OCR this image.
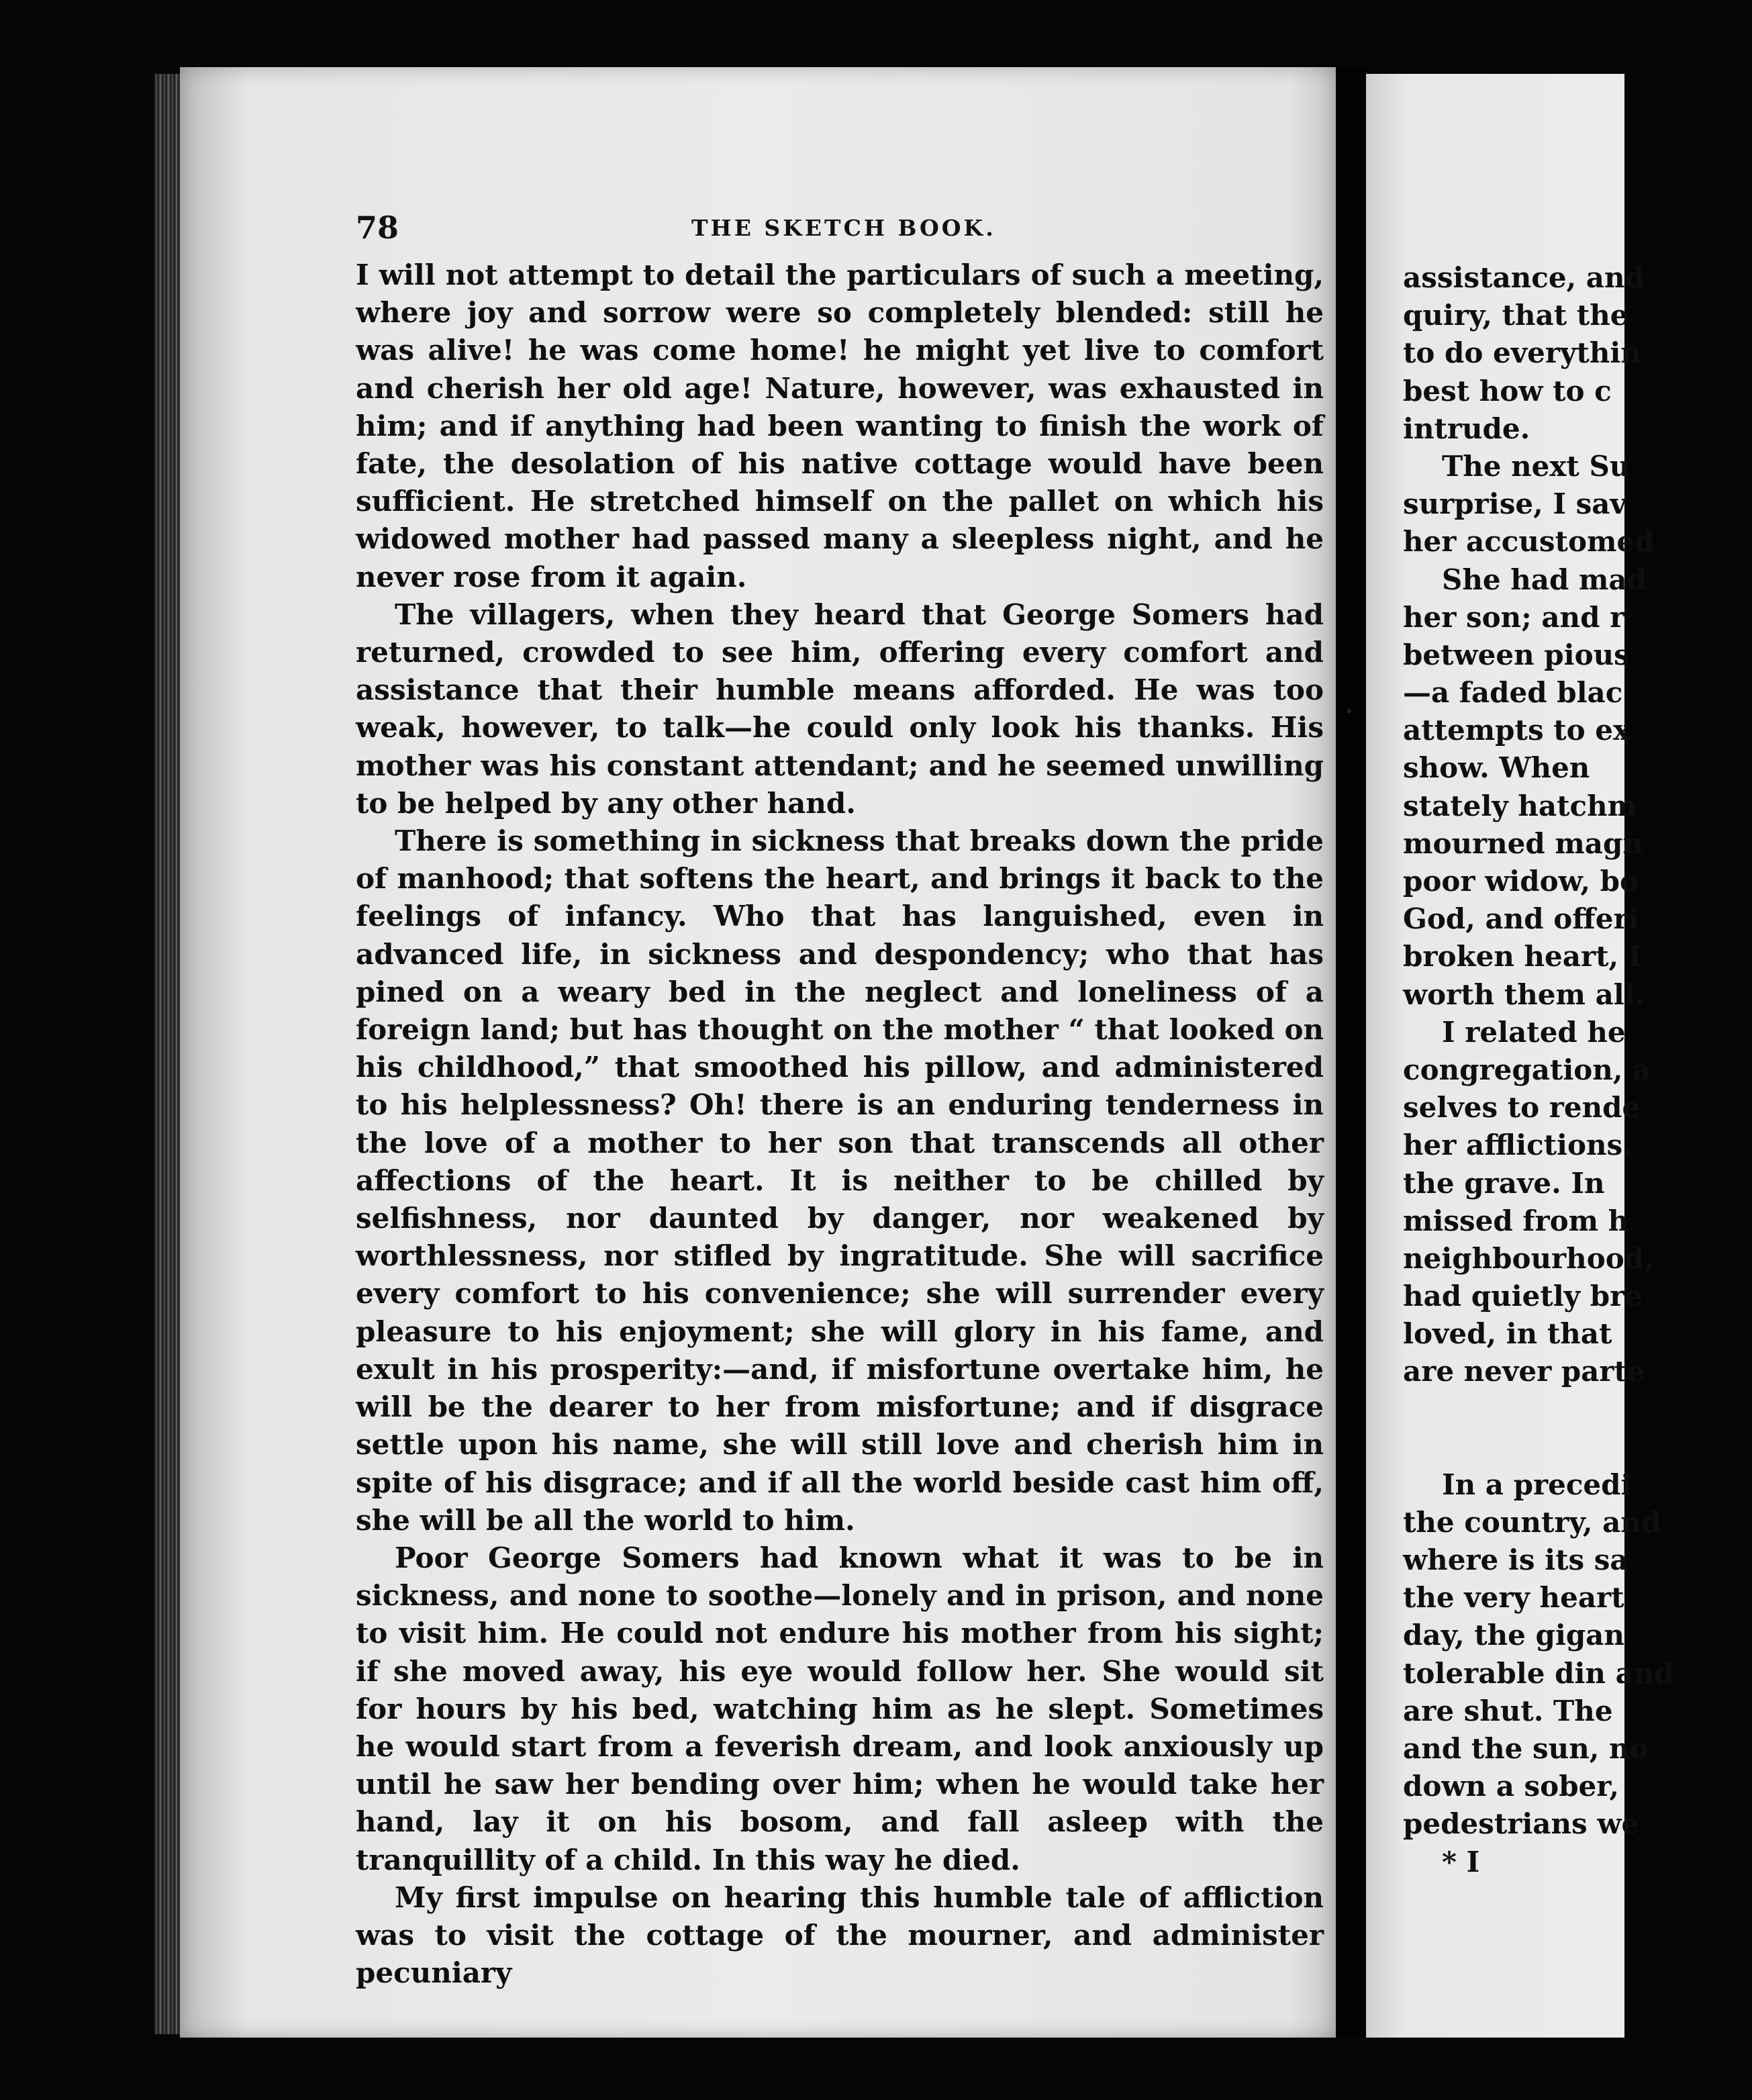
78	THE SKETCH BOOK.

I will not attempt to detail the particulars of such a meeting, where joy and sorrow were so completely blended: still he was alive! he was come home! he might yet live to comfort and cherish her old age! Nature, however, was exhausted in him; and if anything had been wanting to finish the work of fate, the desolation of his native cottage would have been sufficient. He stretched himself on the pallet on which his widowed mother had passed many a sleepless night, and he never rose from it again.

The villagers, when they heard that George Somers had returned, crowded to see him, offering every comfort and assistance that their humble means afforded. He was too weak, however, to talk—he could only look his thanks. His mother was his constant attendant; and he seemed unwilling to be helped by any other hand.

There is something in sickness that breaks down the pride of manhood; that softens the heart, and brings it back to the feelings of infancy. Who that has languished, even in advanced life, in sickness and despondency; who that has pined on a weary bed in the neglect and loneliness of a foreign land; but has thought on the mother “ that looked on his childhood,” that smoothed his pillow, and administered to his helplessness? Oh! there is an enduring tenderness in the love of a mother to her son that transcends all other affections of the heart. It is neither to be chilled by selfishness, nor daunted by danger, nor weakened by worthlessness, nor stifled by ingratitude. She will sacrifice every comfort to his convenience; she will surrender every pleasure to his enjoyment; she will glory in his fame, and exult in his prosperity:—and, if misfortune overtake him, he will be the dearer to her from misfortune; and if disgrace settle upon his name, she will still love and cherish him in spite of his disgrace; and if all the world beside cast him off, she will be all the world to him.

Poor George Somers had known what it was to be in sickness, and none to soothe—lonely and in prison, and none to visit him. He could not endure his mother from his sight; if she moved away, his eye would follow her. She would sit for hours by his bed, watching him as he slept. Sometimes he would start from a feverish dream, and look anxiously up until he saw her bending over him; when he would take her hand, lay it on his bosom, and fall asleep with the tranquillity of a child. In this way he died.

My first impulse on hearing this humble tale of affliction was to visit the cottage of the mourner, and administer pecuniary

◦
assistance, and
quiry, that the
to do everythin
best how to c
intrude.
The next Su
surprise, I sav
her accustomed
She had mad
her son; and r
between pious
—a faded blac
attempts to ex
show. When
stately hatchm
mourned magn
poor widow, bo
God, and offeri
broken heart, I
worth them all.
I related he
congregation, a
selves to rende
her afflictions.
the grave. In
missed from h
neighbourhood,
had quietly bre
loved, in that
are never parte
In a precedi
the country, and
where is its sa
the very heart
day, the gigan
tolerable din and
are shut. The
and the sun, no
down a sober,
pedestrians we
* I
